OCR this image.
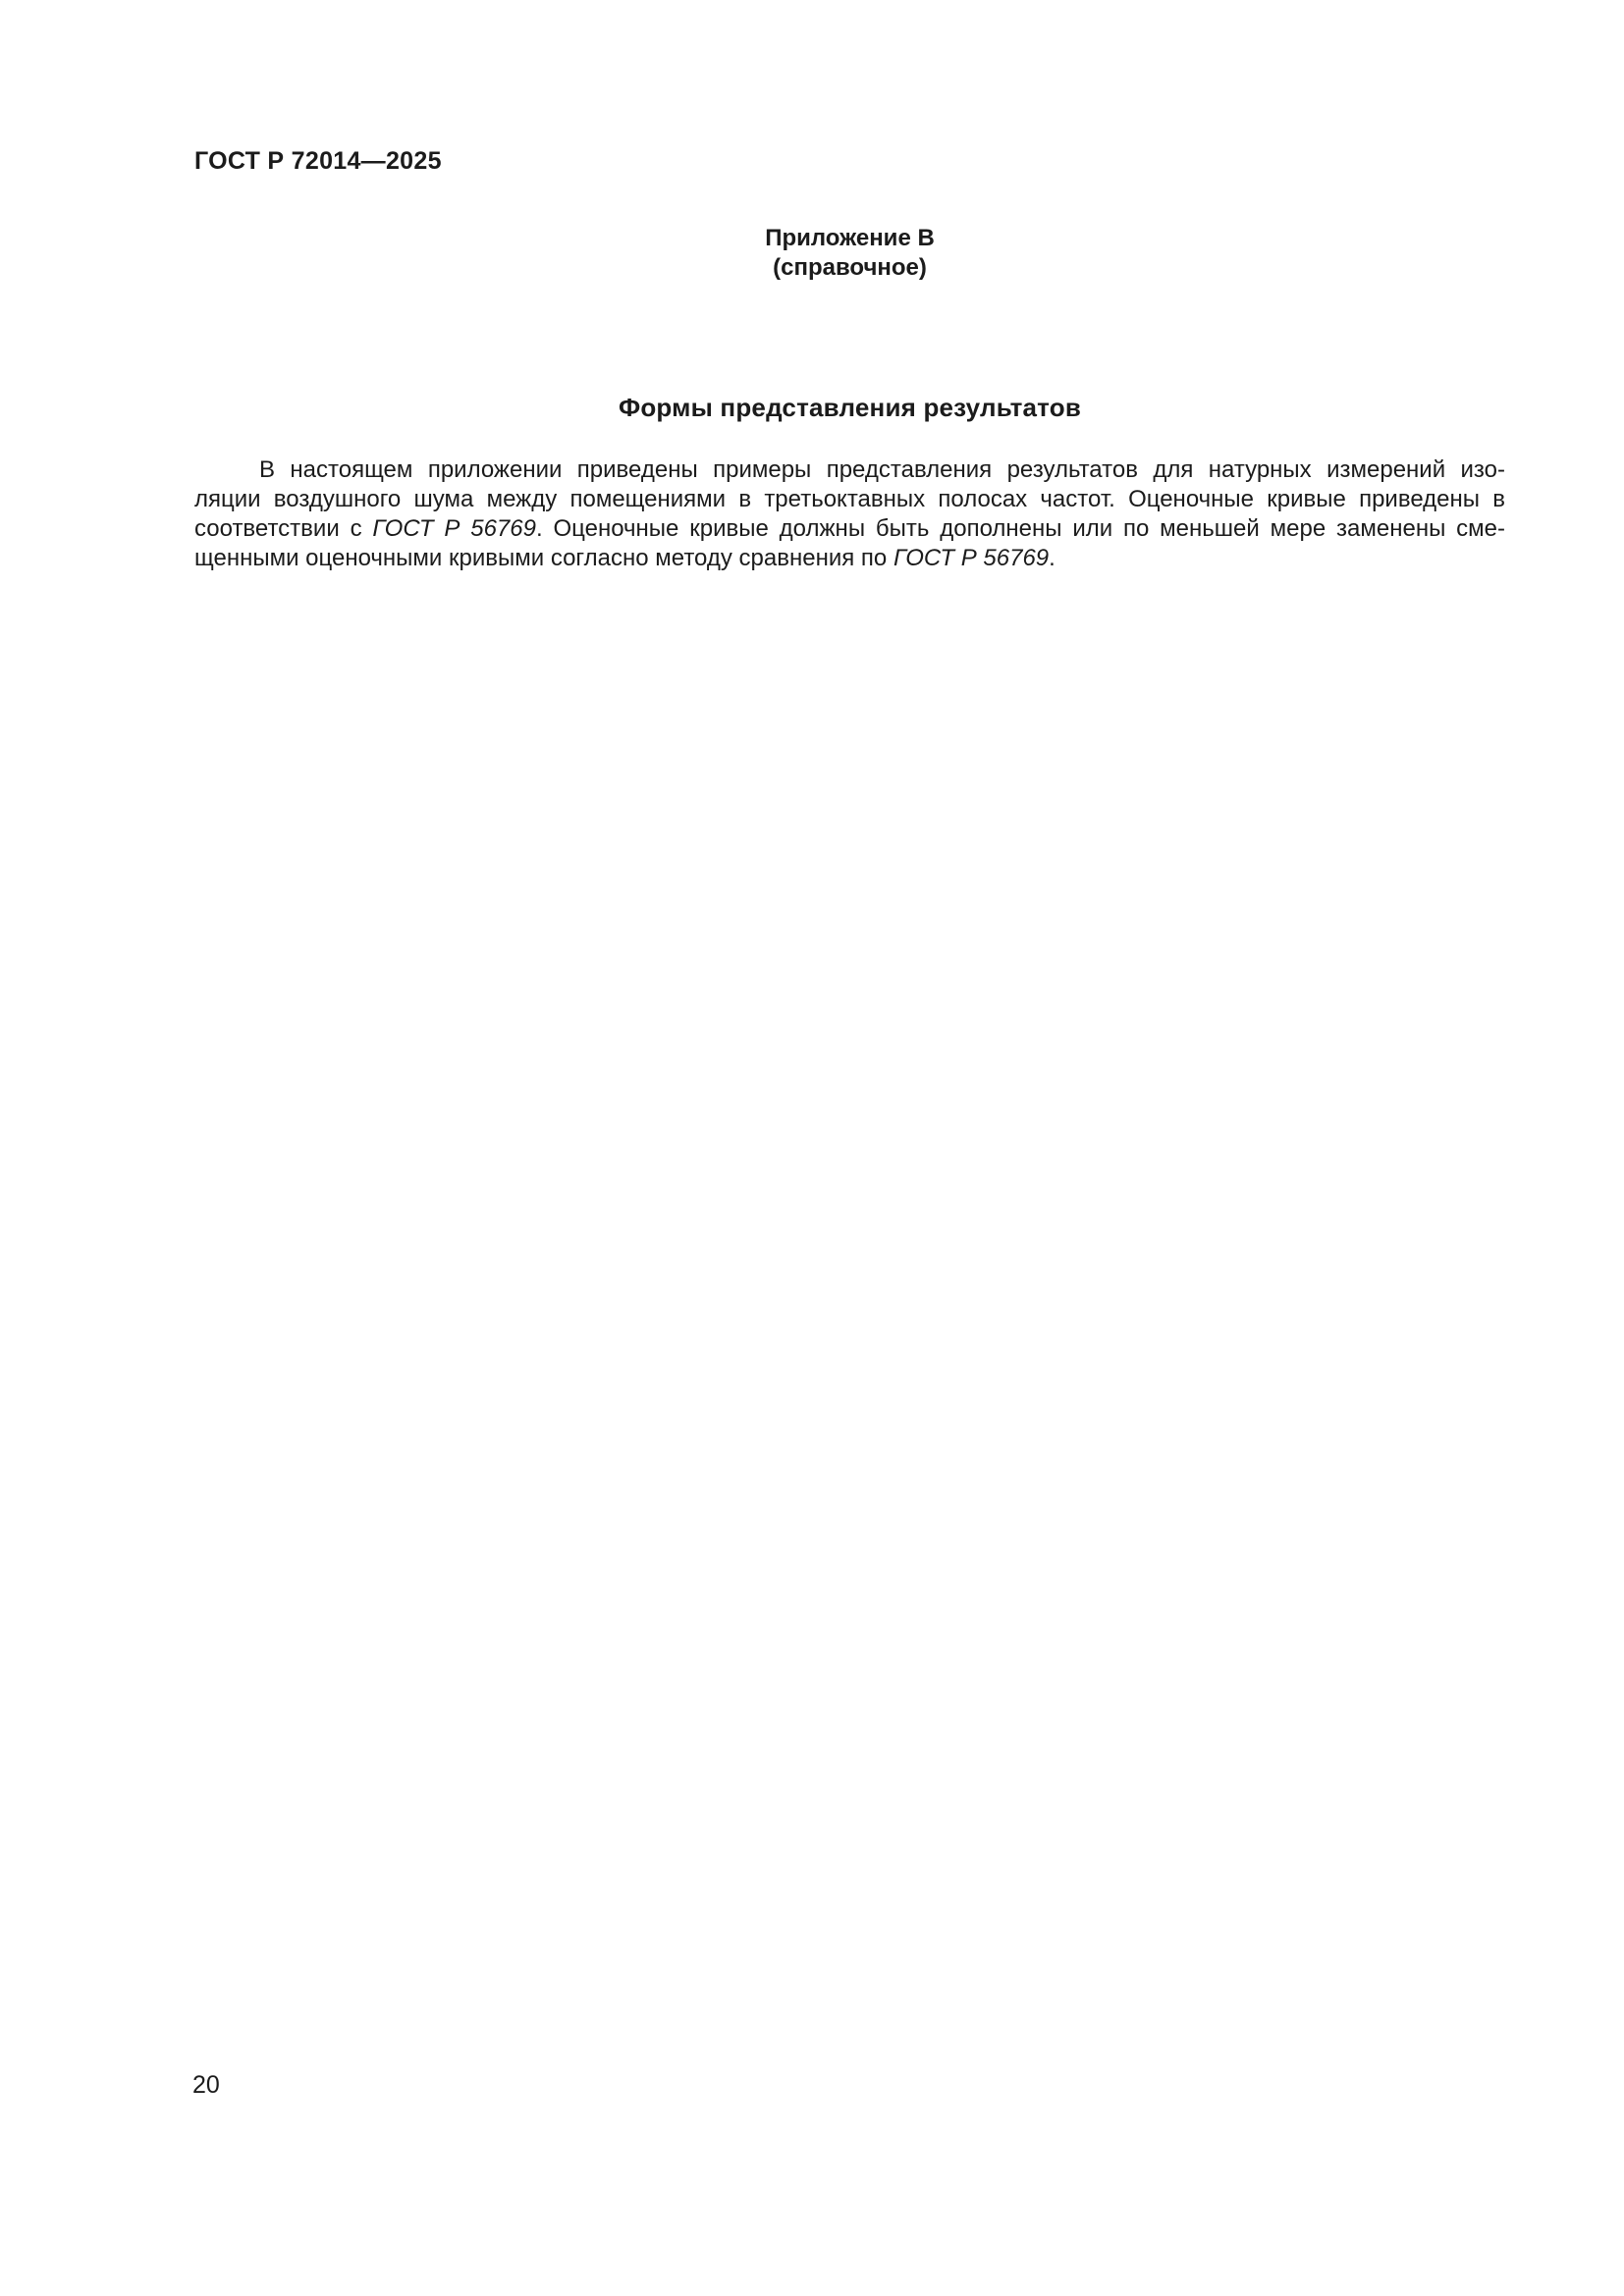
ГОСТ Р 72014—2025
Приложение В
(справочное)
Формы представления результатов
В настоящем приложении приведены примеры представления результатов для натурных измерений изо-
ляции воздушного шума между помещениями в третьоктавных полосах частот. Оценочные кривые приведены в
соответствии с ГОСТ Р 56769. Оценочные кривые должны быть дополнены или по меньшей мере заменены сме-
щенными оценочными кривыми согласно методу сравнения по ГОСТ Р 56769.
20
